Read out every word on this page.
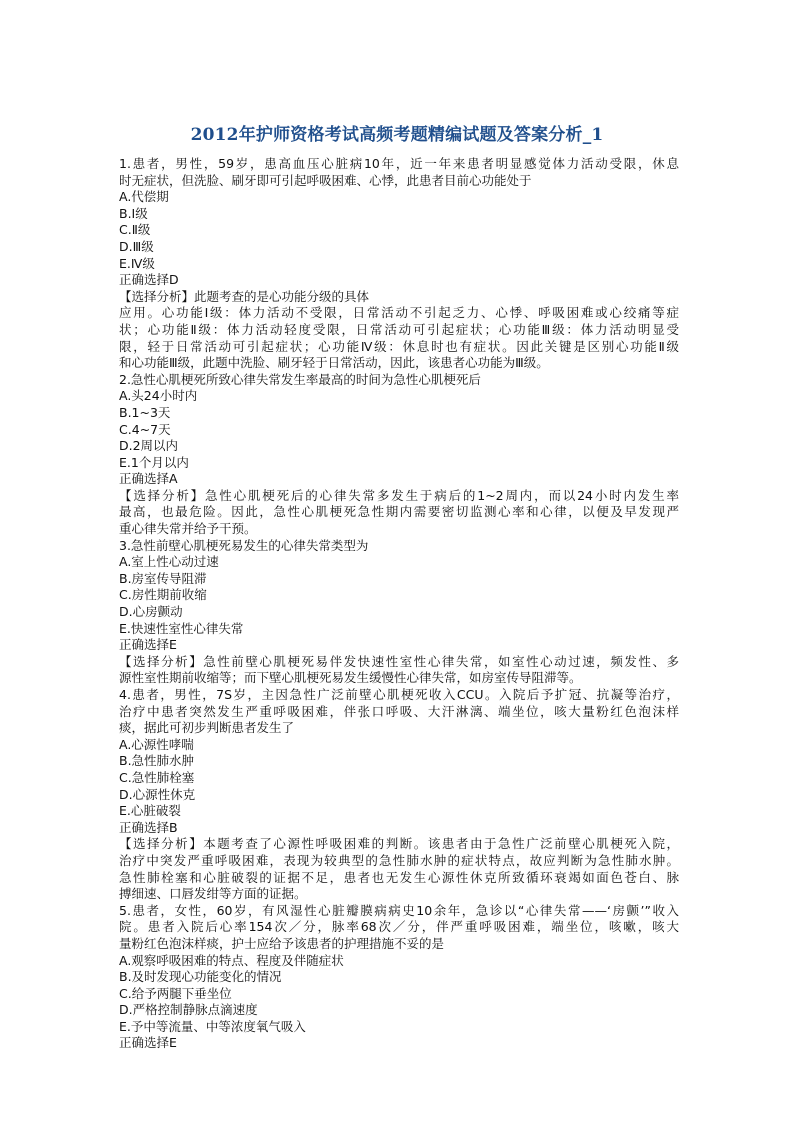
2012年护师资格考试高频考题精编试题及答案分析_1
1.患者，男性，59岁，患高血压心脏病10年，近一年来患者明显感觉体力活动受限，休息
时无症状，但洗脸、刷牙即可引起呼吸困难、心悸，此患者目前心功能处于
A.代偿期
B.Ⅰ级
C.Ⅱ级
D.Ⅲ级
E.Ⅳ级
正确选择D
【选择分析】此题考查的是心功能分级的具体
应用。心功能Ⅰ级：体力活动不受限，日常活动不引起乏力、心悸、呼吸困难或心绞痛等症
状；心功能Ⅱ级：体力活动轻度受限，日常活动可引起症状；心功能Ⅲ级：体力活动明显受
限，轻于日常活动可引起症状；心功能Ⅳ级：休息时也有症状。因此关键是区别心功能Ⅱ级
和心功能Ⅲ级，此题中洗脸、刷牙轻于日常活动，因此，该患者心功能为Ⅲ级。
2.急性心肌梗死所致心律失常发生率最高的时间为急性心肌梗死后
A.头24小时内
B.1~3天
C.4~7天
D.2周以内
E.1个月以内
正确选择A
【选择分析】急性心肌梗死后的心律失常多发生于病后的1~2周内，而以24小时内发生率
最高，也最危险。因此，急性心肌梗死急性期内需要密切监测心率和心律，以便及早发现严
重心律失常并给予干预。
3.急性前壁心肌梗死易发生的心律失常类型为
A.室上性心动过速
B.房室传导阻滞
C.房性期前收缩
D.心房颤动
E.快速性室性心律失常
正确选择E
【选择分析】急性前壁心肌梗死易伴发快速性室性心律失常，如室性心动过速，频发性、多
源性室性期前收缩等；而下壁心肌梗死易发生缓慢性心律失常，如房室传导阻滞等。
4.患者，男性，7S岁，主因急性广泛前壁心肌梗死收入CCU。入院后予扩冠、抗凝等治疗，
治疗中患者突然发生严重呼吸困难，伴张口呼吸、大汗淋漓、端坐位，咳大量粉红色泡沫样
痰，据此可初步判断患者发生了
A.心源性哮喘
B.急性肺水肿
C.急性肺栓塞
D.心源性休克
E.心脏破裂
正确选择B
【选择分析】本题考查了心源性呼吸困难的判断。该患者由于急性广泛前壁心肌梗死入院，
治疗中突发严重呼吸困难，表现为较典型的急性肺水肿的症状特点，故应判断为急性肺水肿。
急性肺栓塞和心脏破裂的证据不足，患者也无发生心源性休克所致循环衰竭如面色苍白、脉
搏细速、口唇发绀等方面的证据。
5.患者，女性，60岁，有风湿性心脏瓣膜病病史10余年，急诊以“心律失常——‘房颤’”收入
院。患者入院后心率154次／分，脉率68次／分，伴严重呼吸困难，端坐位，咳嗽，咳大
量粉红色泡沫样痰，护士应给予该患者的护理措施不妥的是
A.观察呼吸困难的特点、程度及伴随症状
B.及时发现心功能变化的情况
C.给予两腿下垂坐位
D.严格控制静脉点滴速度
E.予中等流量、中等浓度氧气吸入
正确选择E
